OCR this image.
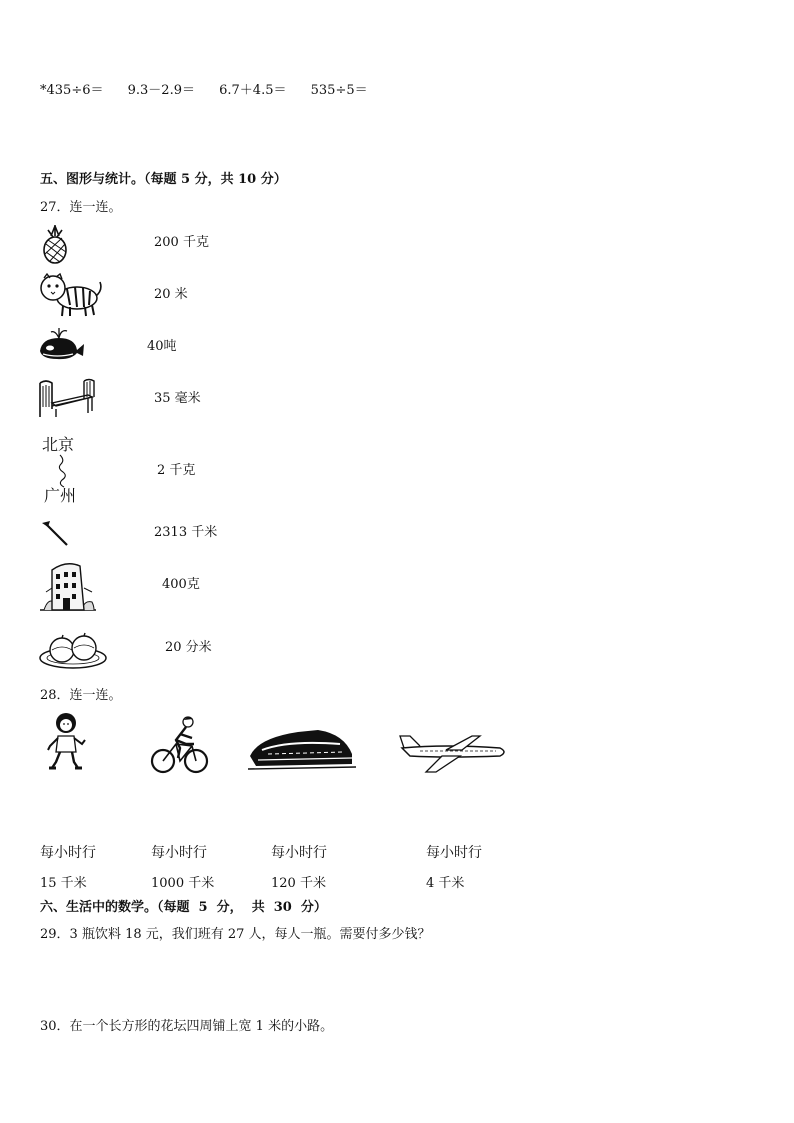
*435÷6＝ 9.3－2.9＝ 6.7＋4.5＝ 535÷5＝
五、图形与统计。（每题 5 分，共 10 分）
27．连一连。
200 千克
20 米
40吨
35 毫米
北京
广州
2 千克
2313 千米
400克
20 分米
28．连一连。
每小时行	每小时行	每小时行	每小时行
15 千米	1000 千米	120 千米	4 千米
六、生活中的数学。（每题  5  分，  共  30  分）
29．3 瓶饮料 18 元，我们班有 27 人，每人一瓶。需要付多少钱？
30．在一个长方形的花坛四周铺上宽 1 米的小路。
